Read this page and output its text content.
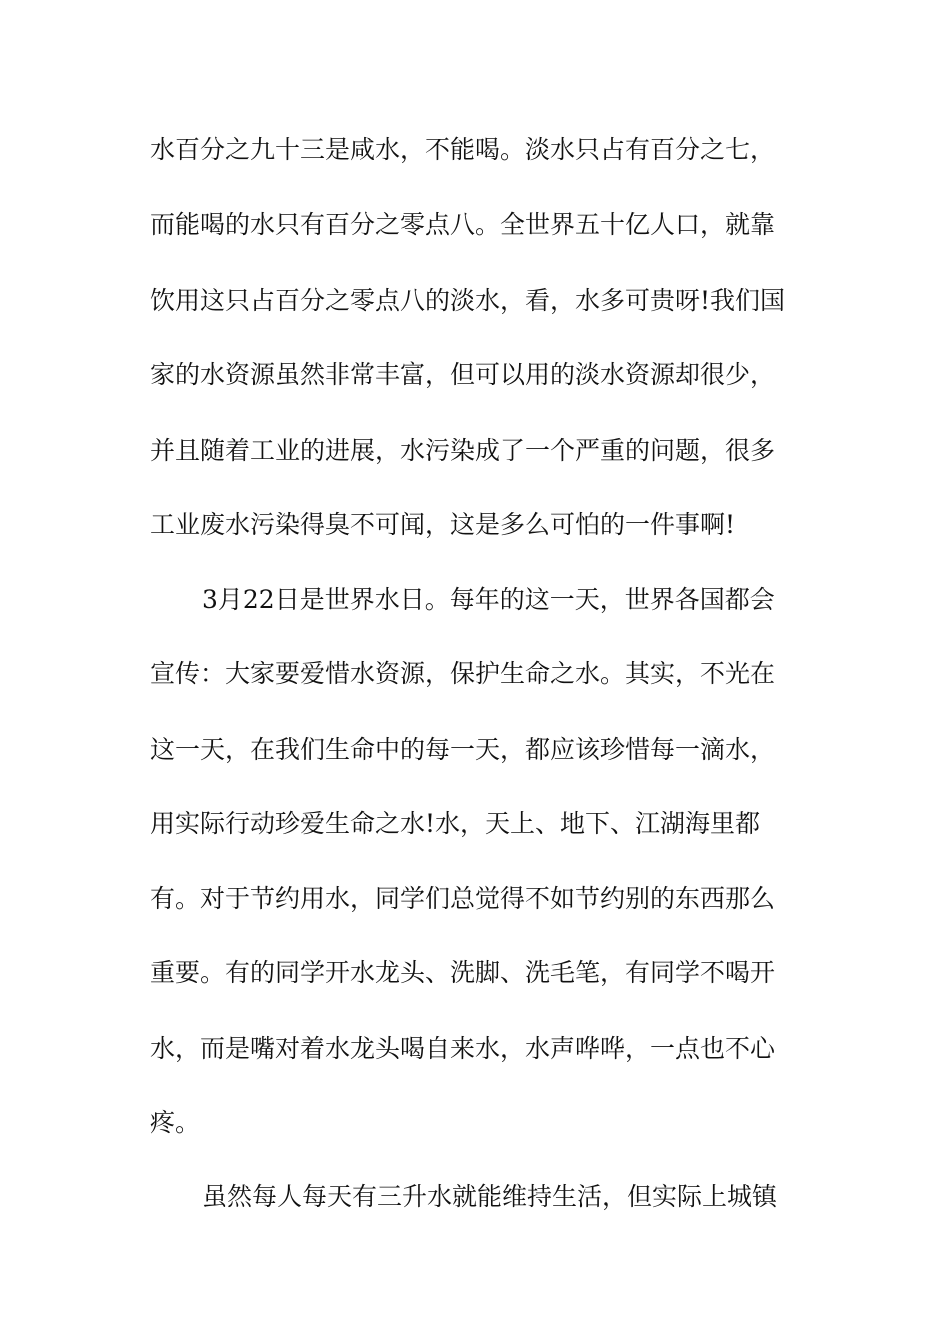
水百分之九十三是咸水，不能喝。淡水只占有百分之七，
而能喝的水只有百分之零点八。全世界五十亿人口，就靠
饮用这只占百分之零点八的淡水，看，水多可贵呀!我们国
家的水资源虽然非常丰富，但可以用的淡水资源却很少，
并且随着工业的进展，水污染成了一个严重的问题，很多
工业废水污染得臭不可闻，这是多么可怕的一件事啊!
3月22日是世界水日。每年的这一天，世界各国都会
宣传：大家要爱惜水资源，保护生命之水。其实，不光在
这一天，在我们生命中的每一天，都应该珍惜每一滴水，
用实际行动珍爱生命之水!水，天上、地下、江湖海里都
有。对于节约用水，同学们总觉得不如节约别的东西那么
重要。有的同学开水龙头、洗脚、洗毛笔，有同学不喝开
水，而是嘴对着水龙头喝自来水，水声哗哗，一点也不心
疼。
虽然每人每天有三升水就能维持生活，但实际上城镇
